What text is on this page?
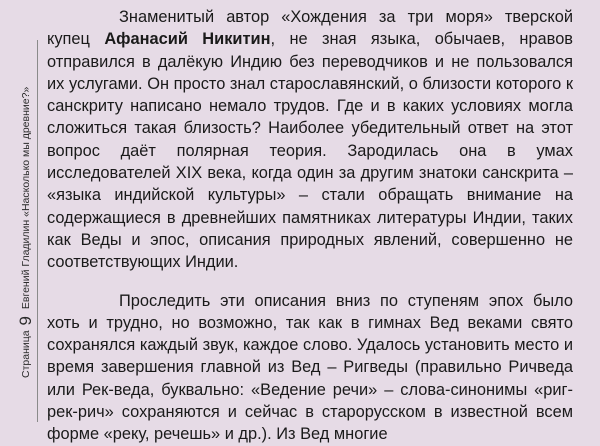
Страница 9 Евгений Гладилин «Насколько мы древние?»

Знаменитый автор «Хождения за три моря» тверской купец Афанасий Никитин, не зная языка, обычаев, нравов отправился в далёкую Индию без переводчиков и не пользовался их услугами. Он просто знал старославянский, о близости которого к санскриту написано немало трудов. Где и в каких условиях могла сложиться такая близость? Наиболее убедительный ответ на этот вопрос даёт полярная теория. Зародилась она в умах исследователей XIX века, когда один за другим знатоки санскрита – «языка индийской культуры» – стали обращать внимание на содержащиеся в древнейших памятниках литературы Индии, таких как Веды и эпос, описания природных явлений, совершенно не соответствующих Индии.

Проследить эти описания вниз по ступеням эпох было хоть и трудно, но возможно, так как в гимнах Вед веками свято сохранялся каждый звук, каждое слово. Удалось установить место и время завершения главной из Вед – Ригведы (правильно Ричведа или Рек-веда, буквально: «Ведение речи» – слова-синонимы «риг-рек-рич» сохраняются и сейчас в старорусском в известной всем форме «реку, речешь» и др.). Из Вед многие
